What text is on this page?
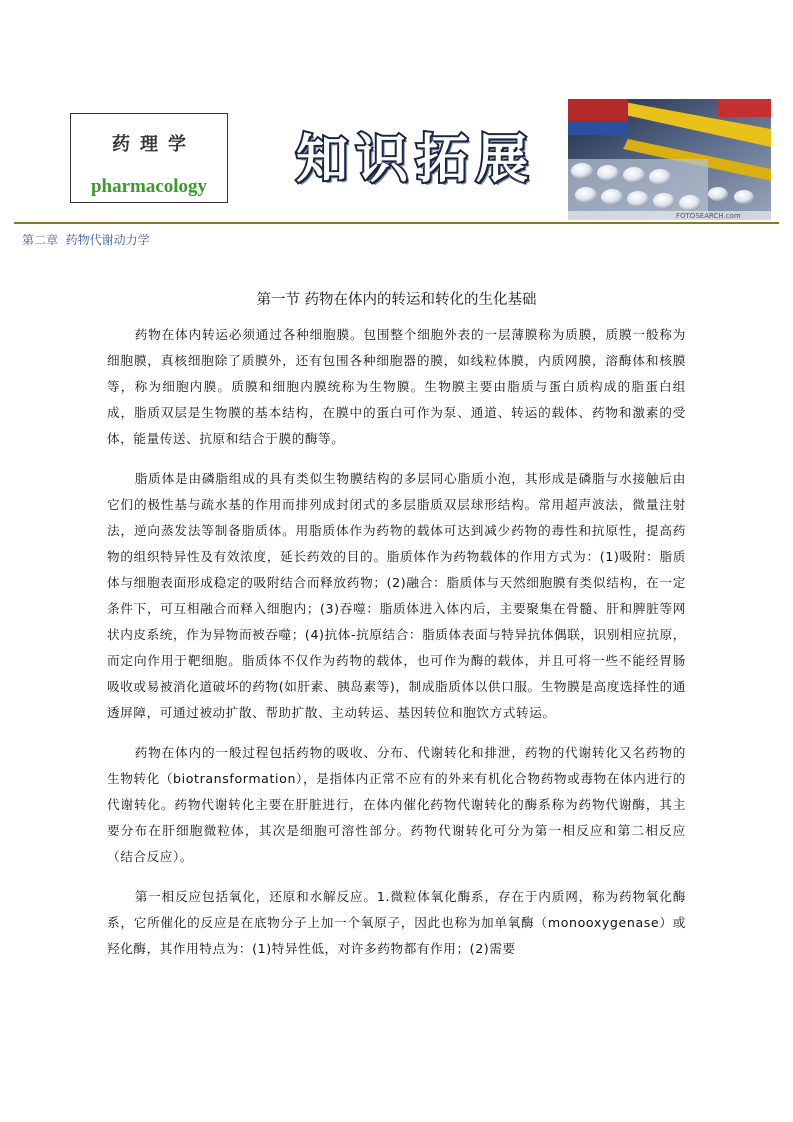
药理学
pharmacology	知 识 拓 展
FOTOSEARCH.com
第二章  药物代谢动力学
第一节 药物在体内的转运和转化的生化基础

药物在体内转运必须通过各种细胞膜。包围整个细胞外表的一层薄膜称为质膜，质膜一般称为细胞膜，真核细胞除了质膜外，还有包围各种细胞器的膜，如线粒体膜，内质网膜，溶酶体和核膜等，称为细胞内膜。质膜和细胞内膜统称为生物膜。生物膜主要由脂质与蛋白质构成的脂蛋白组成，脂质双层是生物膜的基本结构，在膜中的蛋白可作为泵、通道、转运的载体、药物和激素的受体，能量传送、抗原和结合于膜的酶等。

脂质体是由磷脂组成的具有类似生物膜结构的多层同心脂质小泡，其形成是磷脂与水接触后由它们的极性基与疏水基的作用而排列成封闭式的多层脂质双层球形结构。常用超声波法，微量注射法，逆向蒸发法等制备脂质体。用脂质体作为药物的载体可达到减少药物的毒性和抗原性，提高药物的组织特异性及有效浓度，延长药效的目的。脂质体作为药物载体的作用方式为：(1)吸附：脂质体与细胞表面形成稳定的吸附结合而释放药物；(2)融合：脂质体与天然细胞膜有类似结构，在一定条件下，可互相融合而释入细胞内；(3)吞噬：脂质体进入体内后，主要聚集在骨髓、肝和脾脏等网状内皮系统，作为异物而被吞噬；(4)抗体-抗原结合：脂质体表面与特异抗体偶联，识别相应抗原，而定向作用于靶细胞。脂质体不仅作为药物的载体，也可作为酶的载体，并且可将一些不能经胃肠吸收或易被消化道破坏的药物(如肝素、胰岛素等)，制成脂质体以供口服。生物膜是高度选择性的通透屏障，可通过被动扩散、帮助扩散、主动转运、基因转位和胞饮方式转运。

药物在体内的一般过程包括药物的吸收、分布、代谢转化和排泄，药物的代谢转化又名药物的生物转化（biotransformation），是指体内正常不应有的外来有机化合物药物或毒物在体内进行的代谢转化。药物代谢转化主要在肝脏进行，在体内催化药物代谢转化的酶系称为药物代谢酶，其主要分布在肝细胞微粒体，其次是细胞可溶性部分。药物代谢转化可分为第一相反应和第二相反应（结合反应）。

第一相反应包括氧化，还原和水解反应。1.微粒体氧化酶系，存在于内质网，称为药物氧化酶系，它所催化的反应是在底物分子上加一个氧原子，因此也称为加单氧酶（monooxygenase）或羟化酶，其作用特点为：(1)特异性低，对许多药物都有作用；(2)需要
